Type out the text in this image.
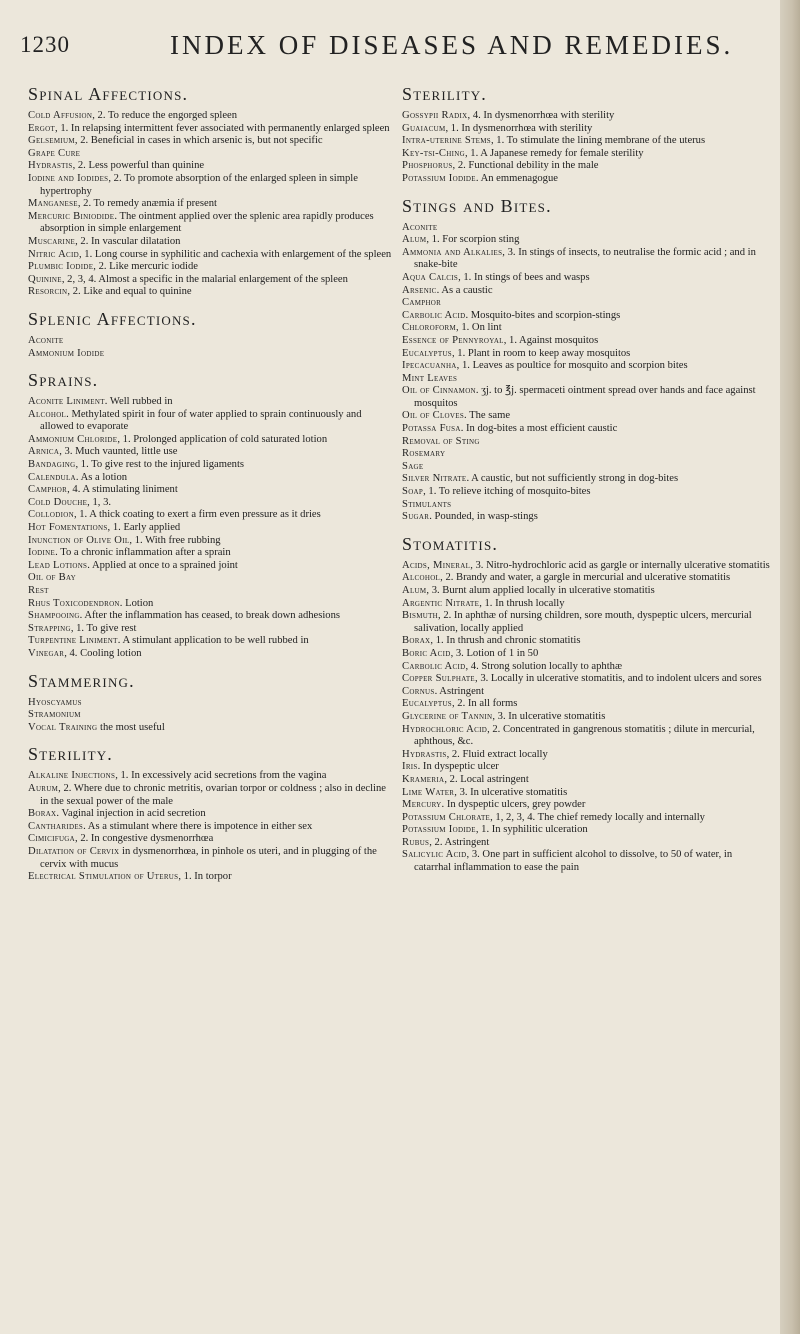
1230	INDEX OF DISEASES AND REMEDIES.
Spinal Affections.

Cold Affusion, 2. To reduce the engorged spleen

Ergot, 1. In relapsing intermittent fever associated with permanently enlarged spleen

Gelsemium, 2. Beneficial in cases in which arsenic is, but not specific

Grape Cure

Hydrastis, 2. Less powerful than quinine

Iodine and Iodides, 2. To promote absorption of the enlarged spleen in simple hypertrophy

Manganese, 2. To remedy anæmia if present

Mercuric Biniodide. The ointment applied over the splenic area rapidly produces absorption in simple enlargement

Muscarine, 2. In vascular dilatation

Nitric Acid, 1. Long course in syphilitic and cachexia with enlargement of the spleen

Plumbic Iodide, 2. Like mercuric iodide

Quinine, 2, 3, 4. Almost a specific in the malarial enlargement of the spleen

Resorcin, 2. Like and equal to quinine

Splenic Affections.

Aconite

Ammonium Iodide

Sprains.

Aconite Liniment. Well rubbed in

Alcohol. Methylated spirit in four of water applied to sprain continuously and allowed to evaporate

Ammonium Chloride, 1. Prolonged application of cold saturated lotion

Arnica, 3. Much vaunted, little use

Bandaging, 1. To give rest to the injured ligaments

Calendula. As a lotion

Camphor, 4. A stimulating liniment

Cold Douche, 1, 3.

Collodion, 1. A thick coating to exert a firm even pressure as it dries

Hot Fomentations, 1. Early applied

Inunction of Olive Oil, 1. With free rubbing

Iodine. To a chronic inflammation after a sprain

Lead Lotions. Applied at once to a sprained joint

Oil of Bay

Rest

Rhus Toxicodendron. Lotion

Shampooing. After the inflammation has ceased, to break down adhesions

Strapping, 1. To give rest

Turpentine Liniment. A stimulant application to be well rubbed in

Vinegar, 4. Cooling lotion

Stammering.

Hyoscyamus

Stramonium

Vocal Training the most useful

Sterility.

Alkaline Injections, 1. In excessively acid secretions from the vagina

Aurum, 2. Where due to chronic metritis, ovarian torpor or coldness ; also in decline in the sexual power of the male

Borax. Vaginal injection in acid secretion

Cantharides. As a stimulant where there is impotence in either sex

Cimicifuga, 2. In congestive dysmenorrhœa

Dilatation of Cervix in dysmenorrhœa, in pinhole os uteri, and in plugging of the cervix with mucus

Electrical Stimulation of Uterus, 1. In torpor

Sterility.

Gossypii Radix, 4. In dysmenorrhœa with sterility

Guaiacum, 1. In dysmenorrhœa with sterility

Intra-uterine Stems, 1. To stimulate the lining membrane of the uterus

Key-tsi-Ching, 1. A Japanese remedy for female sterility

Phosphorus, 2. Functional debility in the male

Potassium Iodide. An emmenagogue

Stings and Bites.

Aconite

Alum, 1. For scorpion sting

Ammonia and Alkalies, 3. In stings of insects, to neutralise the formic acid ; and in snake-bite

Aqua Calcis, 1. In stings of bees and wasps

Arsenic. As a caustic

Camphor

Carbolic Acid. Mosquito-bites and scorpion-stings

Chloroform, 1. On lint

Essence of Pennyroyal, 1. Against mosquitos

Eucalyptus, 1. Plant in room to keep away mosquitos

Ipecacuanha, 1. Leaves as poultice for mosquito and scorpion bites

Mint Leaves

Oil of Cinnamon. ʒj. to ℥j. spermaceti ointment spread over hands and face against mosquitos

Oil of Cloves. The same

Potassa Fusa. In dog-bites a most efficient caustic

Removal of Sting

Rosemary

Sage

Silver Nitrate. A caustic, but not sufficiently strong in dog-bites

Soap, 1. To relieve itching of mosquito-bites

Stimulants

Sugar. Pounded, in wasp-stings

Stomatitis.

Acids, Mineral, 3. Nitro-hydrochloric acid as gargle or internally ulcerative stomatitis

Alcohol, 2. Brandy and water, a gargle in mercurial and ulcerative stomatitis

Alum, 3. Burnt alum applied locally in ulcerative stomatitis

Argentic Nitrate, 1. In thrush locally

Bismuth, 2. In aphthæ of nursing children, sore mouth, dyspeptic ulcers, mercurial salivation, locally applied

Borax, 1. In thrush and chronic stomatitis

Boric Acid, 3. Lotion of 1 in 50

Carbolic Acid, 4. Strong solution locally to aphthæ

Copper Sulphate, 3. Locally in ulcerative stomatitis, and to indolent ulcers and sores

Cornus. Astringent

Eucalyptus, 2. In all forms

Glycerine of Tannin, 3. In ulcerative stomatitis

Hydrochloric Acid, 2. Concentrated in gangrenous stomatitis ; dilute in mercurial, aphthous, &c.

Hydrastis, 2. Fluid extract locally

Iris. In dyspeptic ulcer

Krameria, 2. Local astringent

Lime Water, 3. In ulcerative stomatitis

Mercury. In dyspeptic ulcers, grey powder

Potassium Chlorate, 1, 2, 3, 4. The chief remedy locally and internally

Potassium Iodide, 1. In syphilitic ulceration

Rubus, 2. Astringent

Salicylic Acid, 3. One part in sufficient alcohol to dissolve, to 50 of water, in catarrhal inflammation to ease the pain
